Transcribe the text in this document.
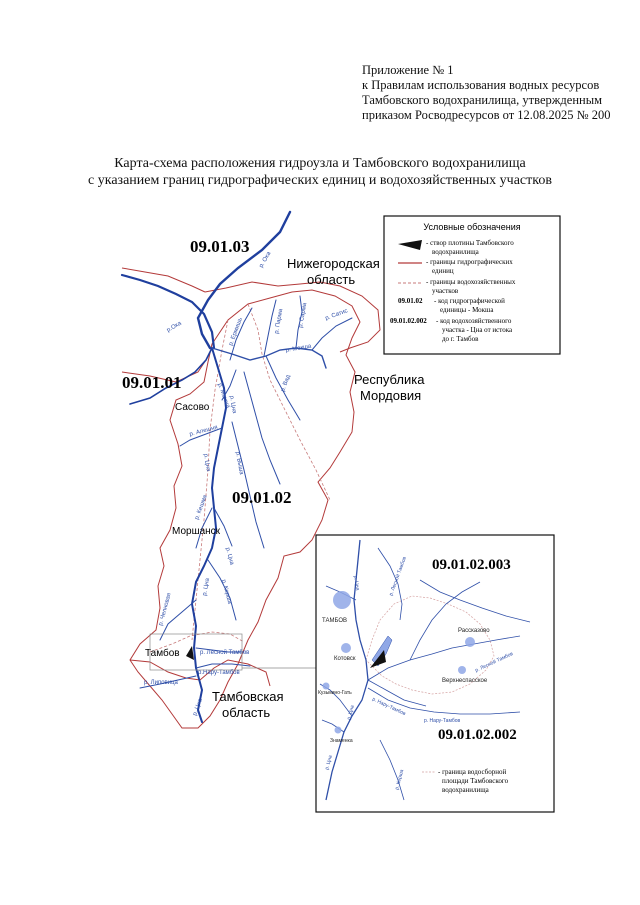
Приложение № 1
к Правилам использования водных ресурсов
Тамбовского водохранилища, утвержденным
приказом Росводресурсов от 12.08.2025 № 200
Карта-схема расположения гидроузла и Тамбовского водохранилища
с указанием границ гидрографических единиц и водохозяйственных участков
09.01.03
09.01.01
09.01.02
Нижегородская
область
Республика
Мордовия
Тамбовская
область
Сасово
Моршанск
Тамбов
р. Ока
р.Ока	р. Парма р. Сарма	р. Сатис
р. Мокша
р. Ермишь
р. Мокша
р. Цна
р. Вад
р. Алешня
р. Выша
р. Цна
р. Кешма
р. Цна
р. Цна р. Керша
р. Челновая
р. Лесной Тамбов
р.Нару-Тамбов
р. Липовица
р. Цна
Условные обозначения
- створ плотины Тамбовского
водохранилища
- границы гидрографических
единиц
- границы водохозяйственных
участков
09.01.02 - код гидрографической
единицы - Мокша
09.01.02.002 - код водохозяйственного
участка - Цна от истока
до г. Тамбов
09.01.02.003
09.01.02.002
ТАМБОВ
Котовск
Рассказово
Верхнеспасское
Кузьмино-Гать
Знаменка
р. Лесной Тамбов
р. Лесной Тамбов
р. Цна
р. Цна
р. Цна
р. Нару-Тамбов
р. Нару-Тамбов
р. Керша	- граница водосборной
площади Тамбовского
водохранилища
